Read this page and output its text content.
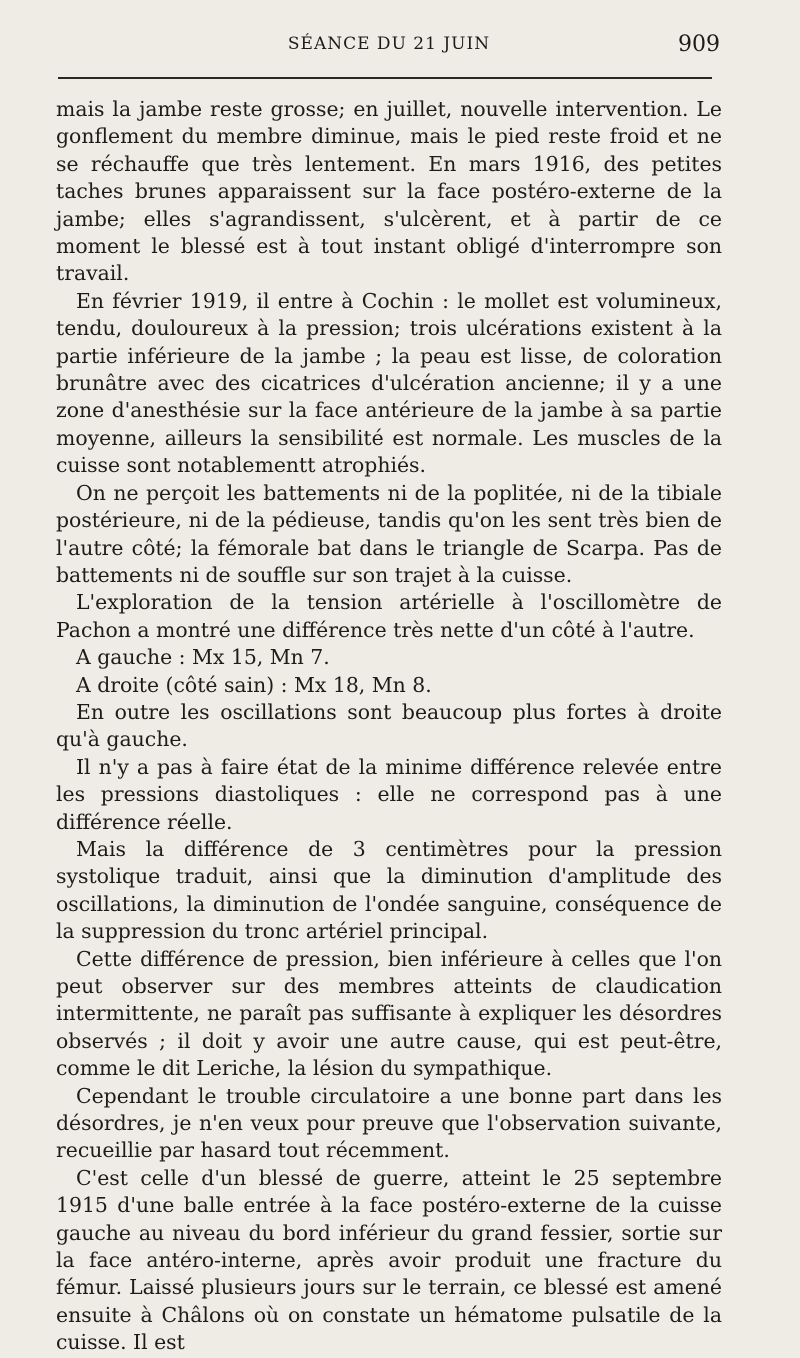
SÉANCE DU 21 JUIN	909

mais la jambe reste grosse; en juillet, nouvelle intervention. Le gonflement du membre diminue, mais le pied reste froid et ne se réchauffe que très lentement. En mars 1916, des petites taches brunes apparaissent sur la face postéro-externe de la jambe; elles s'agrandissent, s'ulcèrent, et à partir de ce moment le blessé est à tout instant obligé d'interrompre son travail.

En février 1919, il entre à Cochin : le mollet est volumineux, tendu, douloureux à la pression; trois ulcérations existent à la partie inférieure de la jambe ; la peau est lisse, de coloration brunâtre avec des cicatrices d'ulcération ancienne; il y a une zone d'anesthésie sur la face antérieure de la jambe à sa partie moyenne, ailleurs la sensibilité est normale. Les muscles de la cuisse sont notablementt atrophiés.

On ne perçoit les battements ni de la poplitée, ni de la tibiale postérieure, ni de la pédieuse, tandis qu'on les sent très bien de l'autre côté; la fémorale bat dans le triangle de Scarpa. Pas de battements ni de souffle sur son trajet à la cuisse.

L'exploration de la tension artérielle à l'oscillomètre de Pachon a montré une différence très nette d'un côté à l'autre.

A gauche : Mx 15, Mn 7.

A droite (côté sain) : Mx 18, Mn 8.

En outre les oscillations sont beaucoup plus fortes à droite qu'à gauche.

Il n'y a pas à faire état de la minime différence relevée entre les pressions diastoliques : elle ne correspond pas à une différence réelle.

Mais la différence de 3 centimètres pour la pression systolique traduit, ainsi que la diminution d'amplitude des oscillations, la diminution de l'ondée sanguine, conséquence de la suppression du tronc artériel principal.

Cette différence de pression, bien inférieure à celles que l'on peut observer sur des membres atteints de claudication intermittente, ne paraît pas suffisante à expliquer les désordres observés ; il doit y avoir une autre cause, qui est peut-être, comme le dit Leriche, la lésion du sympathique.

Cependant le trouble circulatoire a une bonne part dans les désordres, je n'en veux pour preuve que l'observation suivante, recueillie par hasard tout récemment.

C'est celle d'un blessé de guerre, atteint le 25 septembre 1915 d'une balle entrée à la face postéro-externe de la cuisse gauche au niveau du bord inférieur du grand fessier, sortie sur la face antéro-interne, après avoir produit une fracture du fémur. Laissé plusieurs jours sur le terrain, ce blessé est amené ensuite à Châlons où on constate un hématome pulsatile de la cuisse. Il est
